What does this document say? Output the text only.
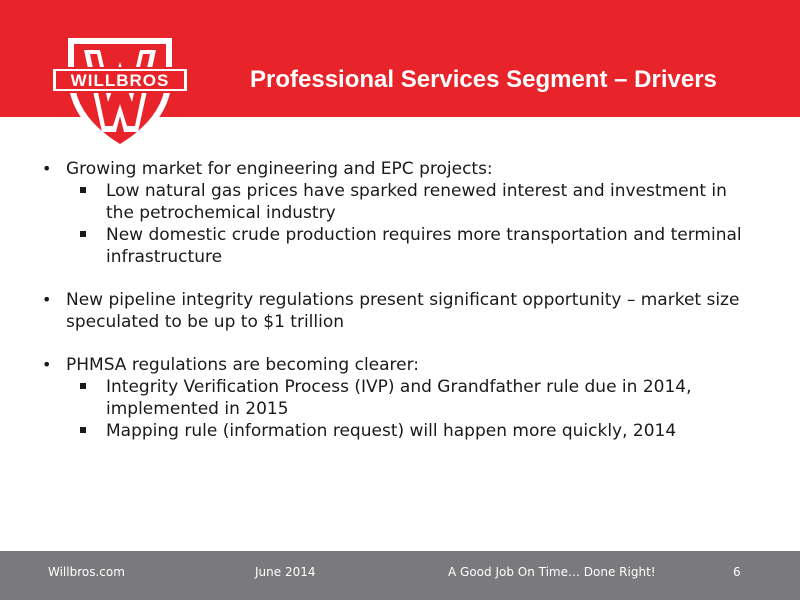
WILLBROS	Professional Services Segment – Drivers
• Growing market for engineering and EPC projects:
Low natural gas prices have sparked renewed interest and investment in the petrochemical industry
New domestic crude production requires more transportation and terminal infrastructure
• New pipeline integrity regulations present significant opportunity – market size speculated to be up to $1 trillion
• PHMSA regulations are becoming clearer:
Integrity Verification Process (IVP) and Grandfather rule due in 2014, implemented in 2015
Mapping rule (information request) will happen more quickly, 2014
Willbros.com	June 2014	A Good Job On Time… Done Right!	6
